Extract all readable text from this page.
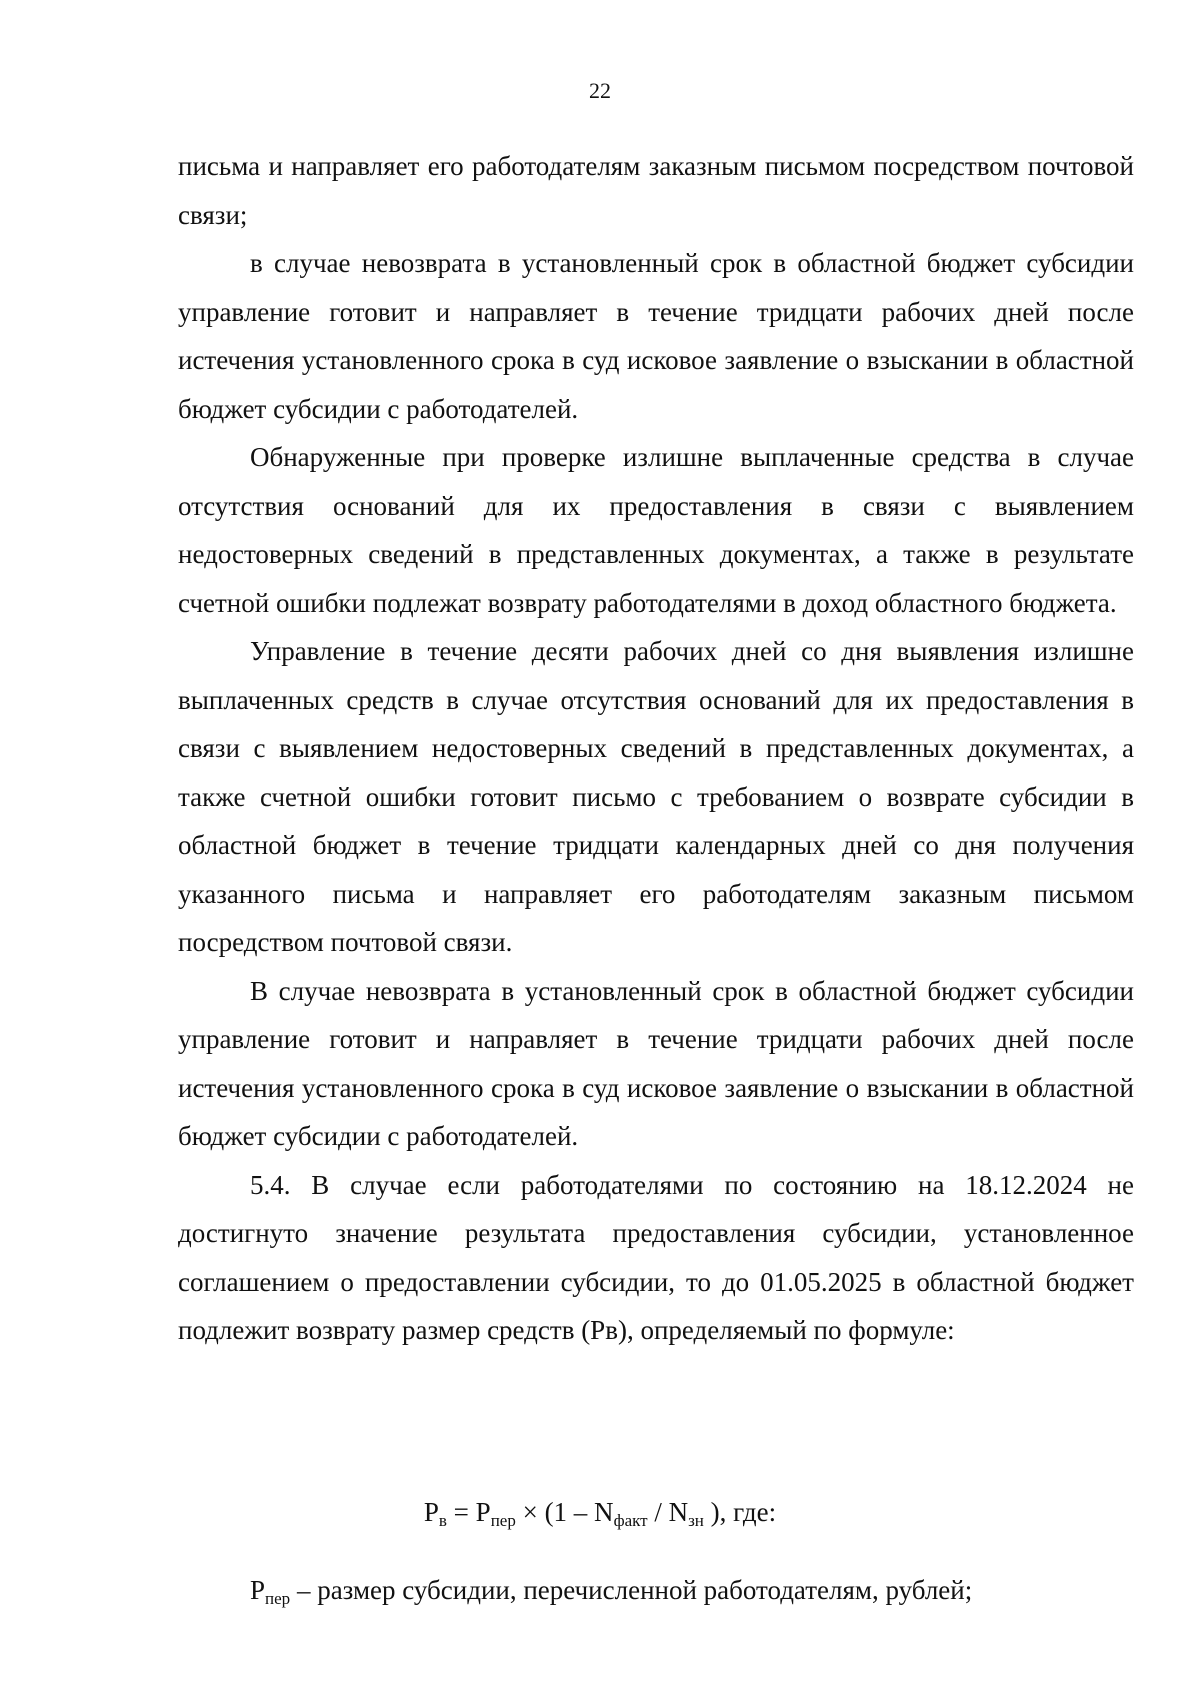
22

письма и направляет его работодателям заказным письмом посредством почтовой связи;

в случае невозврата в установленный срок в областной бюджет субсидии управление готовит и направляет в течение тридцати рабочих дней после истечения установленного срока в суд исковое заявление о взыскании в областной бюджет субсидии с работодателей.

Обнаруженные при проверке излишне выплаченные средства в случае отсутствия оснований для их предоставления в связи с выявлением недостоверных сведений в представленных документах, а также в результате счетной ошибки подлежат возврату работодателями в доход областного бюджета.

Управление в течение десяти рабочих дней со дня выявления излишне выплаченных средств в случае отсутствия оснований для их предоставления в связи с выявлением недостоверных сведений в представленных документах, а также счетной ошибки готовит письмо с требованием о возврате субсидии в областной бюджет в течение тридцати календарных дней со дня получения указанного письма и направляет его работодателям заказным письмом посредством почтовой связи.

В случае невозврата в установленный срок в областной бюджет субсидии управление готовит и направляет в течение тридцати рабочих дней после истечения установленного срока в суд исковое заявление о взыскании в областной бюджет субсидии с работодателей.

5.4. В случае если работодателями по состоянию на 18.12.2024 не достигнуто значение результата предоставления субсидии, установленное соглашением о предоставлении субсидии, то до 01.05.2025 в областной бюджет подлежит возврату размер средств (Рв), определяемый по формуле:

$Р_в = Р_{пер} \times (1 - N_{факт} / N_{зн}$ ), где:
$Р_{пер}$ – размер субсидии, перечисленной работодателям, рублей;
